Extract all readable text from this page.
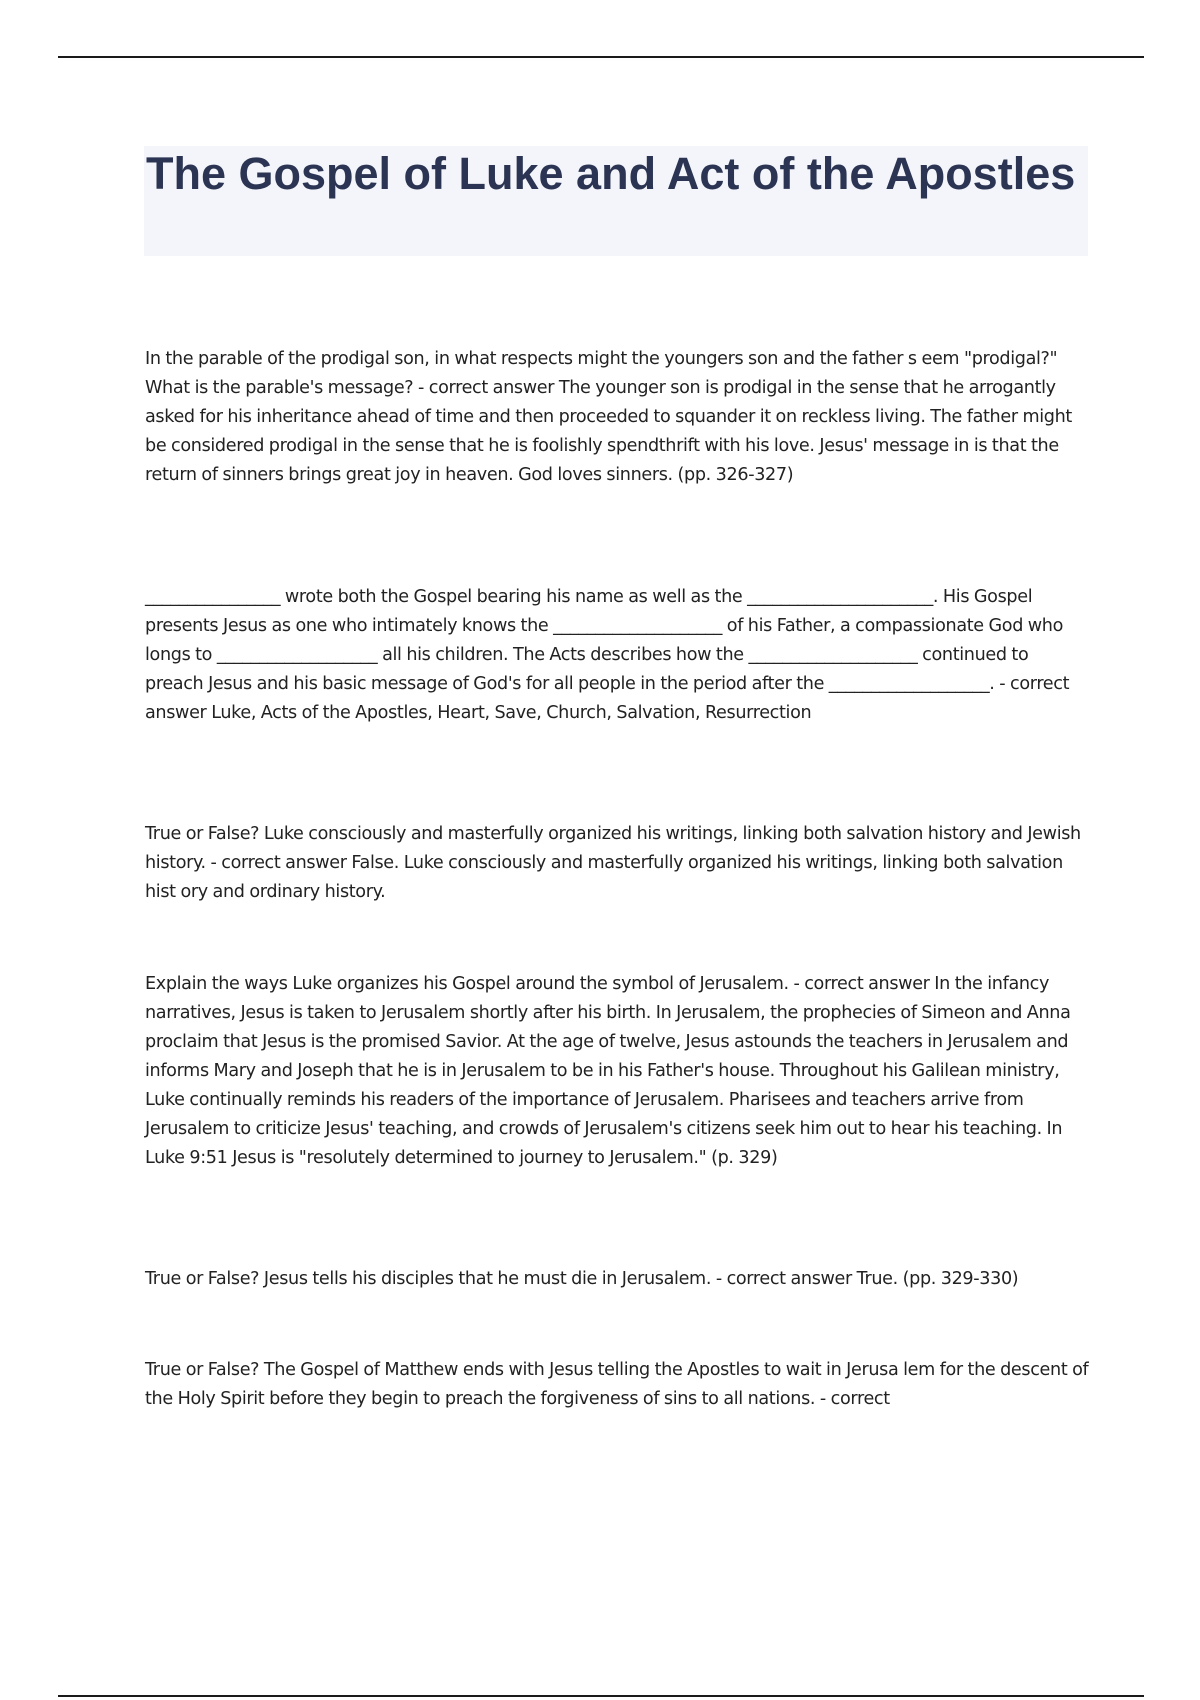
The Gospel of Luke and Act of the Apostles

In the parable of the prodigal son, in what respects might the youngers son and the father s eem "prodigal?" What is the parable's message? - correct answer The younger son is prodigal in the sense that he arrogantly asked for his inheritance ahead of time and then proceeded to squander it on reckless living. The father might be considered prodigal in the sense that he is foolishly spendthrift with his love. Jesus' message in is that the return of sinners brings great joy in heaven. God loves sinners. (pp. 326-327)

________________ wrote both the Gospel bearing his name as well as the ______________________. His Gospel presents Jesus as one who intimately knows the ____________________ of his Father, a compassionate God who longs to ___________________ all his children. The Acts describes how the ____________________ continued to preach Jesus and his basic message of God's for all people in the period after the ___________________. - correct answer Luke, Acts of the Apostles, Heart, Save, Church, Salvation, Resurrection

True or False? Luke consciously and masterfully organized his writings, linking both salvation history and Jewish history. - correct answer False. Luke consciously and masterfully organized his writings, linking both salvation hist ory and ordinary history.

Explain the ways Luke organizes his Gospel around the symbol of Jerusalem. - correct answer In the infancy narratives, Jesus is taken to Jerusalem shortly after his birth. In Jerusalem, the prophecies of Simeon and Anna proclaim that Jesus is the promised Savior. At the age of twelve, Jesus astounds the teachers in Jerusalem and informs Mary and Joseph that he is in Jerusalem to be in his Father's house. Throughout his Galilean ministry, Luke continually reminds his readers of the importance of Jerusalem. Pharisees and teachers arrive from Jerusalem to criticize Jesus' teaching, and crowds of Jerusalem's citizens seek him out to hear his teaching. In Luke 9:51 Jesus is "resolutely determined to journey to Jerusalem." (p. 329)

True or False? Jesus tells his disciples that he must die in Jerusalem. - correct answer True. (pp. 329-330)

True or False? The Gospel of Matthew ends with Jesus telling the Apostles to wait in Jerusa lem for the descent of the Holy Spirit before they begin to preach the forgiveness of sins to all nations. - correct
